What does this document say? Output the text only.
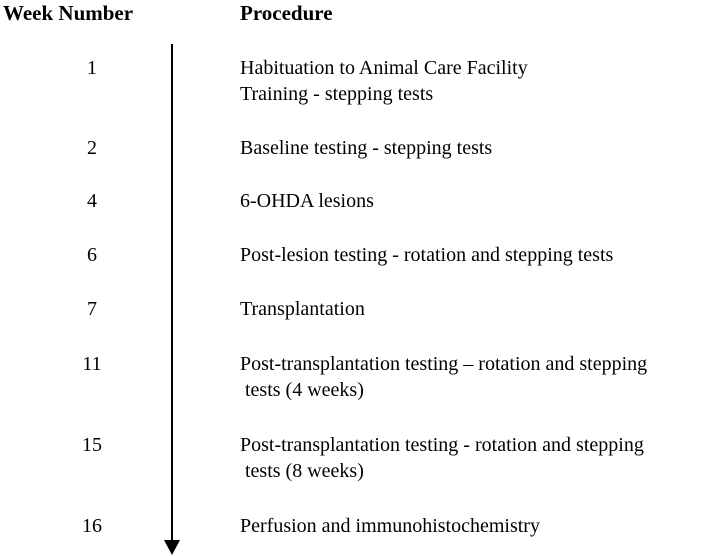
Week Number	Procedure
1	Habituation to Animal Care Facility
Training - stepping tests
2	Baseline testing - stepping tests
4	6-OHDA lesions
6	Post-lesion testing - rotation and stepping tests
7	Transplantation
11	Post-transplantation testing – rotation and stepping
tests (4 weeks)
15	Post-transplantation testing - rotation and stepping
tests (8 weeks)
16	Perfusion and immunohistochemistry
